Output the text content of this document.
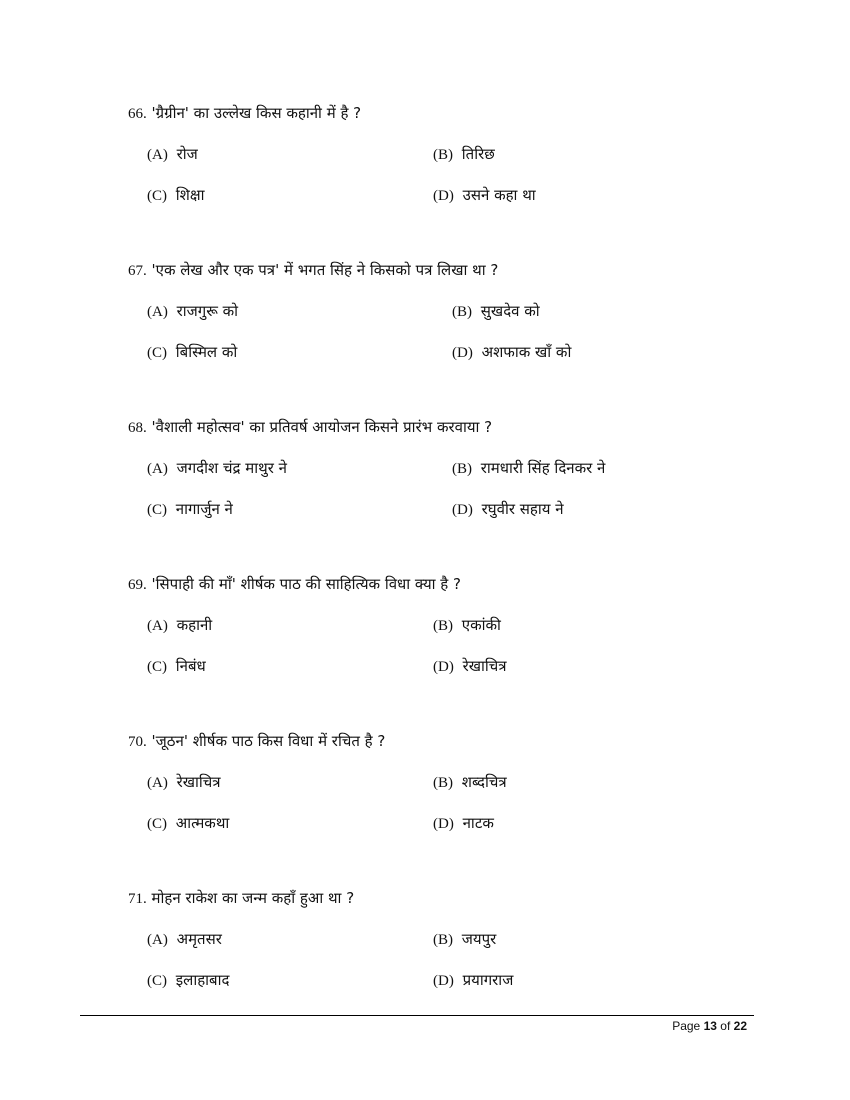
66. 'ग्रैग्रीन' का उल्लेख किस कहानी में है ?
(A) रोज	(B) तिरिछ
(C) शिक्षा	(D) उसने कहा था
67. 'एक लेख और एक पत्र' में भगत सिंह ने किसको पत्र लिखा था ?
(A) राजगुरू को	(B) सुखदेव को
(C) बिस्मिल को	(D) अशफाक खाँ को
68. 'वैशाली महोत्सव' का प्रतिवर्ष आयोजन किसने प्रारंभ करवाया ?
(A) जगदीश चंद्र माथुर ने	(B) रामधारी सिंह दिनकर ने
(C) नागार्जुन ने	(D) रघुवीर सहाय ने
69. 'सिपाही की माँ' शीर्षक पाठ की साहित्यिक विधा क्या है ?
(A) कहानी	(B) एकांकी
(C) निबंध	(D) रेखाचित्र
70. 'जूठन' शीर्षक पाठ किस विधा में रचित है ?
(A) रेखाचित्र	(B) शब्दचित्र
(C) आत्मकथा	(D) नाटक
71. मोहन राकेश का जन्म कहाँ हुआ था ?
(A) अमृतसर	(B) जयपुर
(C) इलाहाबाद	(D) प्रयागराज
Page 13 of 22
